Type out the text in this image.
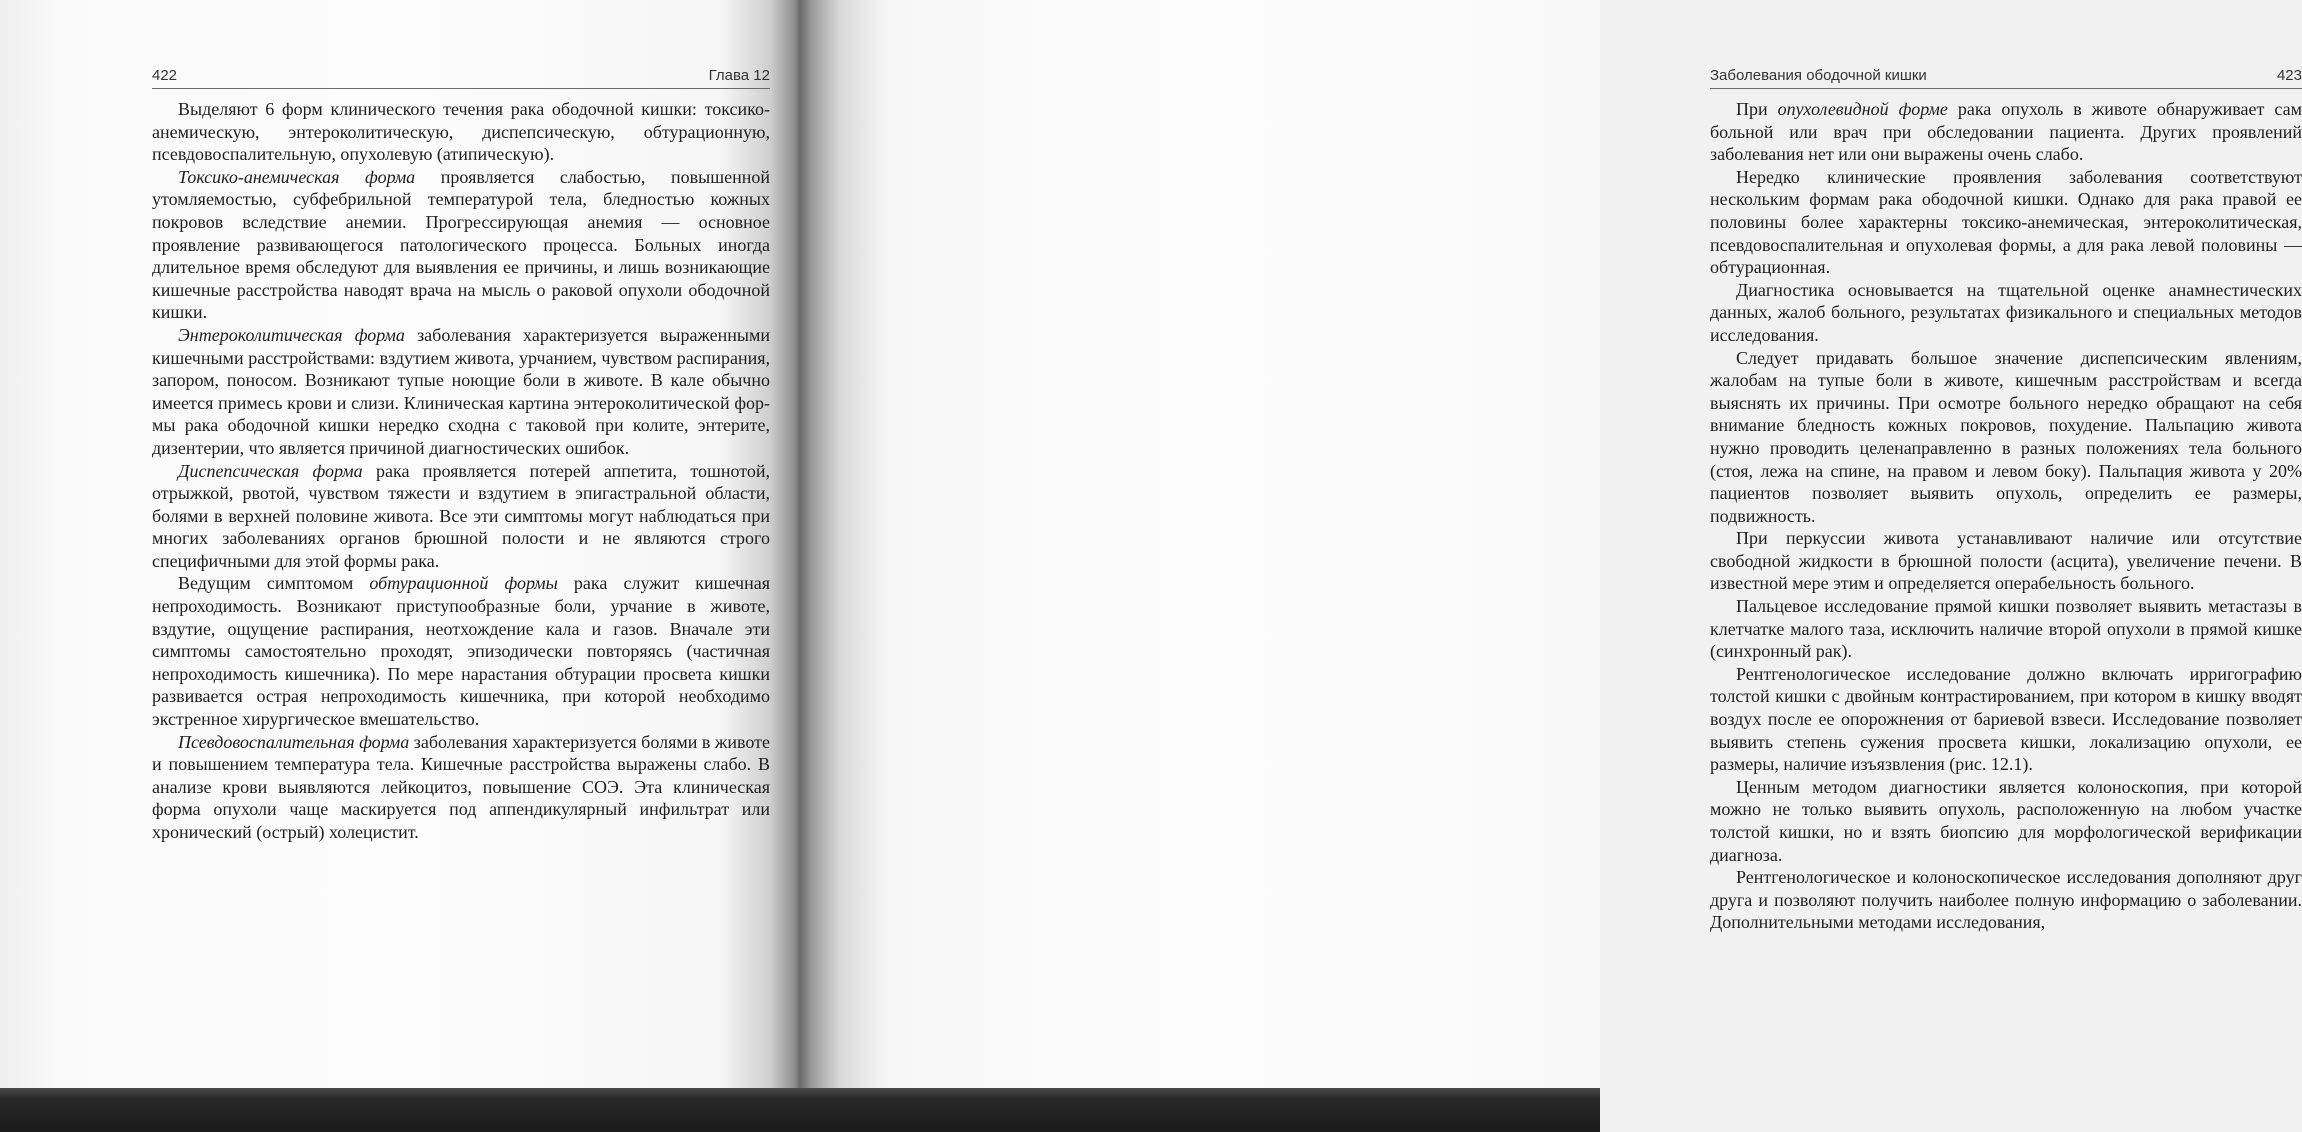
422	Глава 12

Выделяют 6 форм клинического течения рака ободочной кишки: токсико-анемическую, энтероколитическую, диспепсическую, обтурационную, псевдовоспалительную, опухолевую (атипическую).

Токсико-анемическая форма проявляется слабостью, повышенной утомляемостью, субфебрильной температурой тела, бледностью кожных покровов вследствие анемии. Прогрессирующая анемия — основное проявление развивающегося патологического процесса. Больных иногда длительное время обследуют для выявления ее причины, и лишь возникающие кишечные расстройства наводят врача на мысль о раковой опухоли ободочной кишки.

Энтероколитическая форма заболевания характеризуется выраженными кишечными расстройствами: вздутием живота, урчанием, чувством распирания, запором, поносом. Возникают тупые ноющие боли в животе. В кале обычно имеется примесь крови и слизи. Клиническая картина энтероколитической формы рака ободочной кишки нередко сходна с таковой при колите, энтерите, дизентерии, что является причиной диагностических ошибок.

Диспепсическая форма рака проявляется потерей аппетита, тошнотой, отрыжкой, рвотой, чувством тяжести и вздутием в эпигастральной области, болями в верхней половине живота. Все эти симптомы могут наблюдаться при многих заболеваниях органов брюшной полости и не являются строго специфичными для этой формы рака.

Ведущим симптомом обтурационной формы рака служит кишечная непроходимость. Возникают приступообразные боли, урчание в животе, вздутие, ощущение распирания, неотхождение кала и газов. Вначале эти симптомы самостоятельно проходят, эпизодически повторяясь (частичная непроходимость кишечника). По мере нарастания обтурации просвета кишки развивается острая непроходимость кишечника, при которой необходимо экстренное хирургическое вмешательство.

Псевдовоспалительная форма заболевания характеризуется болями в животе и повышением температура тела. Кишечные расстройства выражены слабо. В анализе крови выявляются лейкоцитоз, повышение СОЭ. Эта клиническая форма опухоли чаще маскируется под аппендикулярный инфильтрат или хронический (острый) холецистит.

Заболевания ободочной кишки	423

При опухолевидной форме рака опухоль в животе обнаруживает сам больной или врач при обследовании пациента. Других проявлений заболевания нет или они выражены очень слабо.

Нередко клинические проявления заболевания соответствуют нескольким формам рака ободочной кишки. Однако для рака правой ее половины более характерны токсико-анемическая, энтероколитическая, псевдовоспалительная и опухолевая формы, а для рака левой половины — обтурационная.

Диагностика основывается на тщательной оценке анамнестических данных, жалоб больного, результатах физикального и специальных методов исследования.

Следует придавать большое значение диспепсическим явлениям, жалобам на тупые боли в животе, кишечным расстройствам и всегда выяснять их причины. При осмотре больного нередко обращают на себя внимание бледность кожных покровов, похудение. Пальпацию живота нужно проводить целенаправленно в разных положениях тела больного (стоя, лежа на спине, на правом и левом боку). Пальпация живота у 20% пациентов позволяет выявить опухоль, определить ее размеры, подвижность.

При перкуссии живота устанавливают наличие или отсутствие свободной жидкости в брюшной полости (асцита), увеличение печени. В известной мере этим и определяется операбельность больного.

Пальцевое исследование прямой кишки позволяет выявить метастазы в клетчатке малого таза, исключить наличие второй опухоли в прямой кишке (синхронный рак).

Рентгенологическое исследование должно включать ирригографию толстой кишки с двойным контрастированием, при котором в кишку вводят воздух после ее опорожнения от бариевой взвеси. Исследование позволяет выявить степень сужения просвета кишки, локализацию опухоли, ее размеры, наличие изъязвления (рис. 12.1).

Ценным методом диагностики является колоноскопия, при которой можно не только выявить опухоль, расположенную на любом участке толстой кишки, но и взять биопсию для морфологической верификации диагноза.

Рентгенологическое и колоноскопическое исследования дополняют друг друга и позволяют получить наиболее полную информацию о заболевании. Дополнительными методами исследования,
